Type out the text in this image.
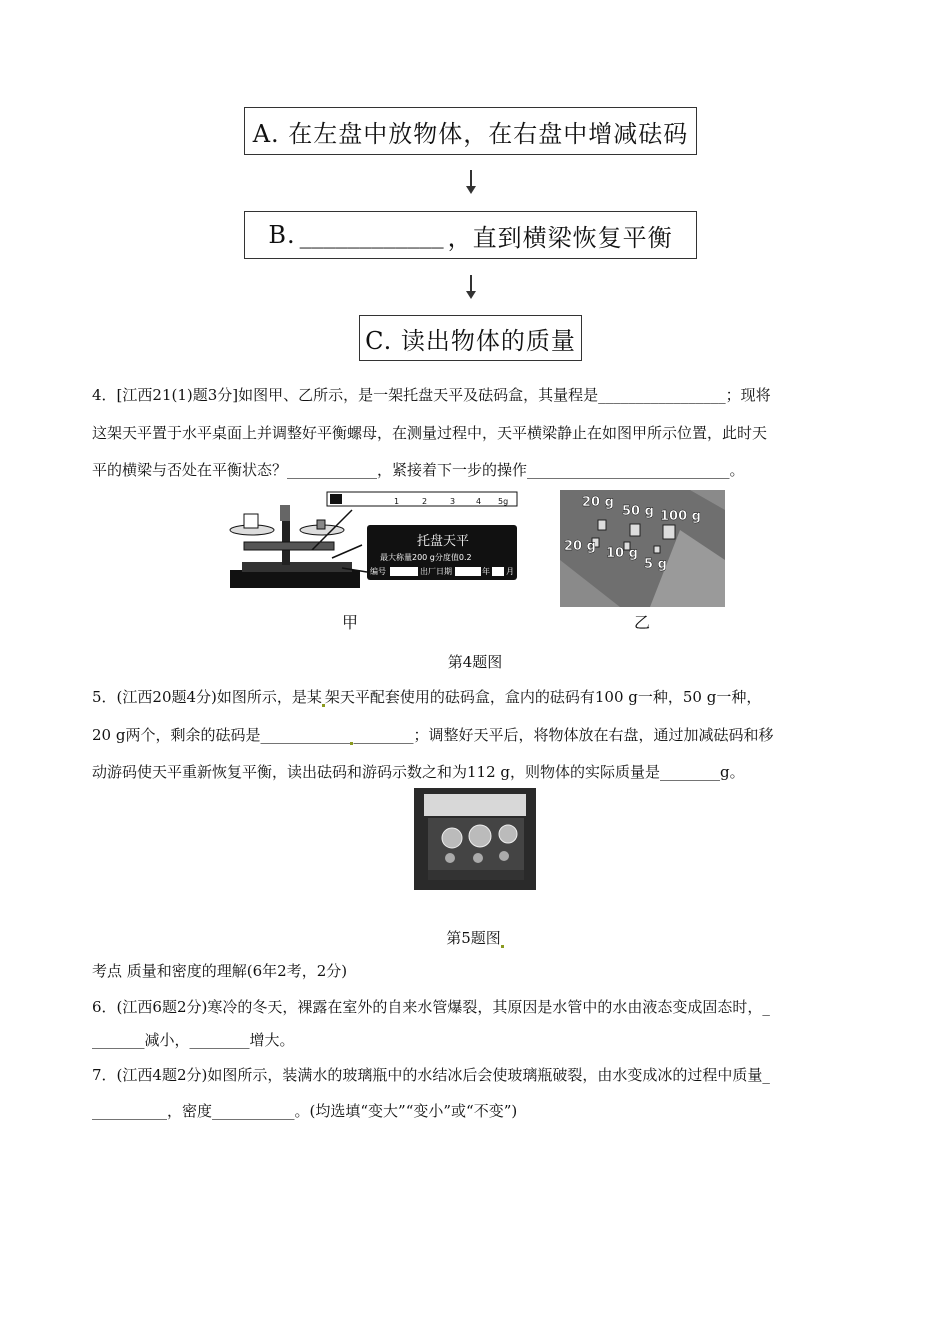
A. 在左盘中放物体，在右盘中增减砝码
B. ____________ ，直到横梁恢复平衡
C. 读出物体的质量
4．[江西21(1)题3分]如图甲、乙所示，是一架托盘天平及砝码盒，其量程是_________________；现将
这架天平置于水平桌面上并调整好平衡螺母，在测量过程中，天平横梁静止在如图甲所示位置，此时天
平的横梁与否处在平衡状态？____________，紧接着下一步的操作___________________________。
1	2	3	4 5g
托盘天平
最大称量200 g分度值0.2
编号	出厂日期	年 月
20 g
50 g 100 g
20 g 10 g
5 g
甲	乙
第4题图
5．(江西20题4分)如图所示，是某 架天平配套使用的砝码盒，盒内的砝码有100 g一种，50 g一种，
20 g两个，剩余的砝码是____________ ________；调整好天平后，将物体放在右盘，通过加减砝码和移
动游码使天平重新恢复平衡，读出砝码和游码示数之和为112 g，则物体的实际质量是________g。
第5题图
考点 质量和密度的理解(6年2考，2分)
6．(江西6题2分)寒冷的冬天，裸露在室外的自来水管爆裂，其原因是水管中的水由液态变成固态时，_
_______减小，________增大。
7．(江西4题2分)如图所示，装满水的玻璃瓶中的水结冰后会使玻璃瓶破裂，由水变成冰的过程中质量_
__________，密度___________。(均选填“变大”“变小”或“不变”)
